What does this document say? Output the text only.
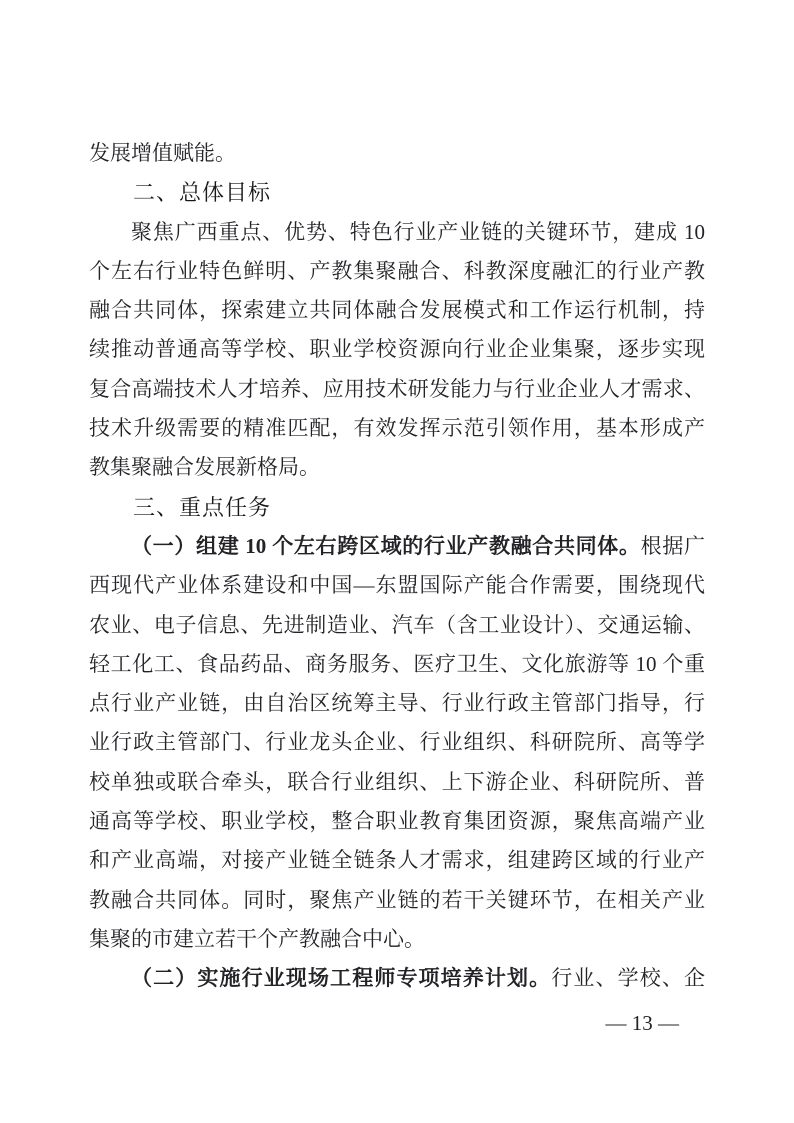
发展增值赋能。
二、总体目标
聚焦广西重点、优势、特色行业产业链的关键环节，建成 10
个左右行业特色鲜明、产教集聚融合、科教深度融汇的行业产教
融合共同体，探索建立共同体融合发展模式和工作运行机制，持
续推动普通高等学校、职业学校资源向行业企业集聚，逐步实现
复合高端技术人才培养、应用技术研发能力与行业企业人才需求、
技术升级需要的精准匹配，有效发挥示范引领作用，基本形成产
教集聚融合发展新格局。
三、重点任务
（一）组建 10 个左右跨区域的行业产教融合共同体。根据广
西现代产业体系建设和中国—东盟国际产能合作需要，围绕现代
农业、电子信息、先进制造业、汽车（含工业设计）、交通运输、
轻工化工、食品药品、商务服务、医疗卫生、文化旅游等 10 个重
点行业产业链，由自治区统筹主导、行业行政主管部门指导，行
业行政主管部门、行业龙头企业、行业组织、科研院所、高等学
校单独或联合牵头，联合行业组织、上下游企业、科研院所、普
通高等学校、职业学校，整合职业教育集团资源，聚焦高端产业
和产业高端，对接产业链全链条人才需求，组建跨区域的行业产
教融合共同体。同时，聚焦产业链的若干关键环节，在相关产业
集聚的市建立若干个产教融合中心。
（二）实施行业现场工程师专项培养计划。行业、学校、企
— 13 —
